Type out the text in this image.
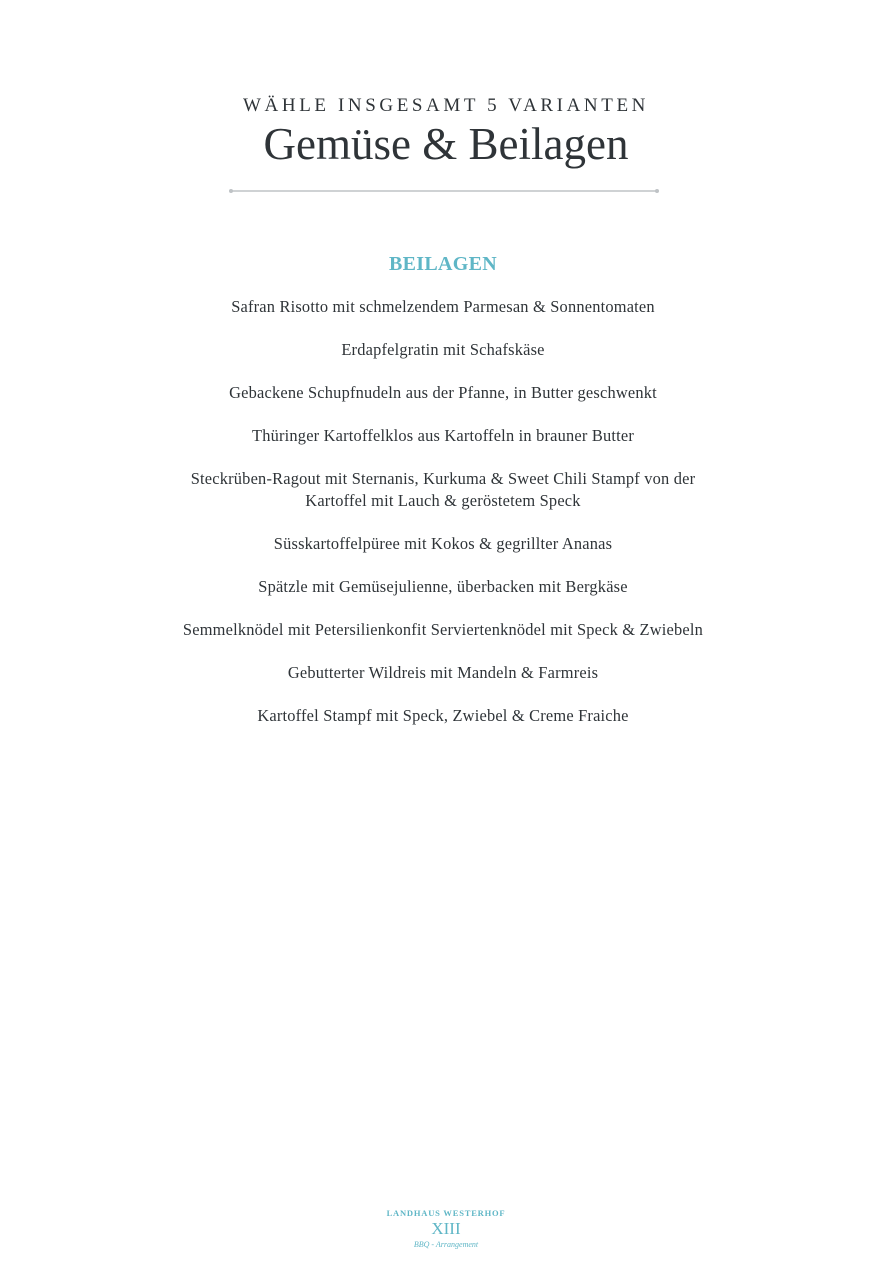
WÄHLE INSGESAMT 5 VARIANTEN

Gemüse & Beilagen
BEILAGEN
Safran Risotto mit schmelzendem Parmesan & Sonnentomaten
Erdapfelgratin mit Schafskäse
Gebackene Schupfnudeln aus der Pfanne, in Butter geschwenkt
Thüringer Kartoffelklos aus Kartoffeln in brauner Butter
Steckrüben-Ragout mit Sternanis, Kurkuma & Sweet Chili Stampf von der Kartoffel mit Lauch & geröstetem Speck
Süsskartoffelpüree mit Kokos & gegrillter Ananas
Spätzle mit Gemüsejulienne, überbacken mit Bergkäse
Semmelknödel mit Petersilienkonfit Serviertenknödel mit Speck & Zwiebeln
Gebutterter Wildreis mit Mandeln & Farmreis
Kartoffel Stampf mit Speck, Zwiebel & Creme Fraiche
LANDHAUS WESTERHOF
XIII
BBQ - Arrangement
